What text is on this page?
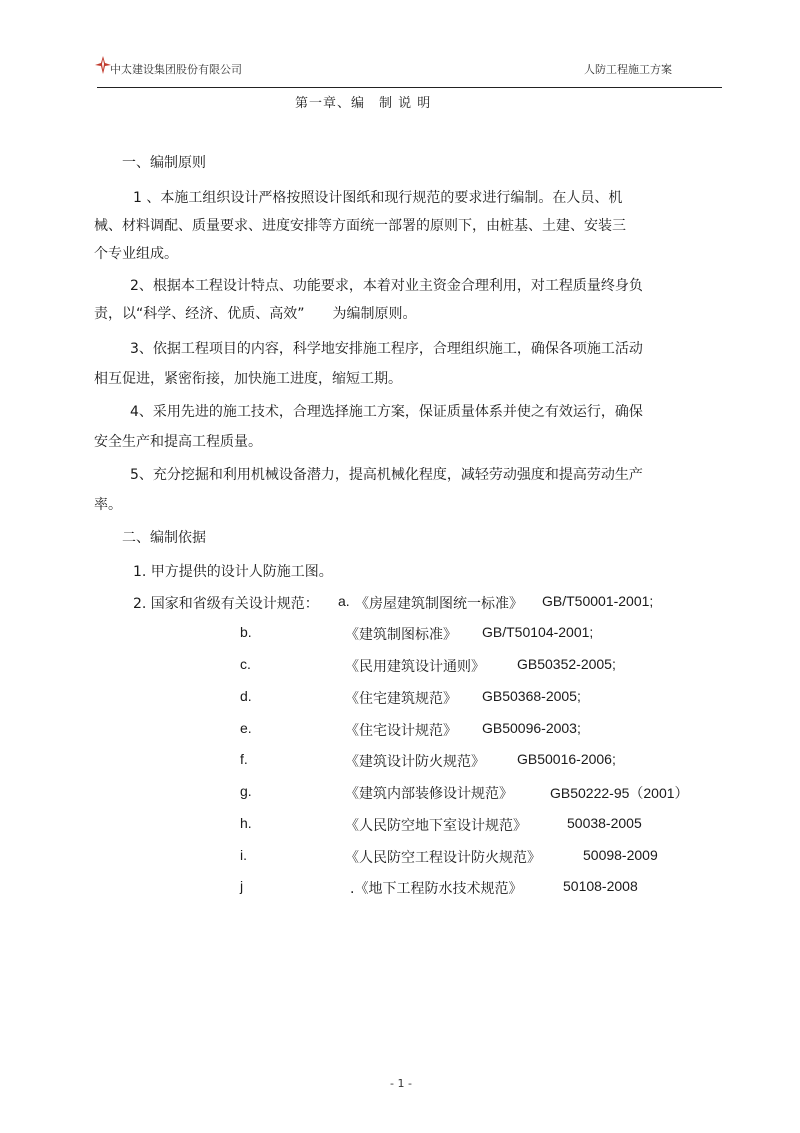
中太建设集团股份有限公司	人防工程施工方案
第一章、编　制 说 明
一、编制原则
1 、本施工组织设计严格按照设计图纸和现行规范的要求进行编制。在人员、机
械、材料调配、质量要求、进度安排等方面统一部署的原则下，由桩基、土建、安装三
个专业组成。
2、根据本工程设计特点、功能要求，本着对业主资金合理利用，对工程质量终身负
责，以“科学、经济、优质、高效”　　为编制原则。
3、依据工程项目的内容，科学地安排施工程序，合理组织施工，确保各项施工活动
相互促进，紧密衔接，加快施工进度，缩短工期。
4、采用先进的施工技术，合理选择施工方案，保证质量体系并使之有效运行，确保
安全生产和提高工程质量。
5、充分挖掘和利用机械设备潜力，提高机械化程度，减轻劳动强度和提高劳动生产
率。
二、编制依据
1. 甲方提供的设计人防施工图。
2. 国家和省级有关设计规范： a. 《房屋建筑制图统一标准》 GB/T50001-2001;
b.	《建筑制图标准》 GB/T50104-2001;
c.	《民用建筑设计通则》 GB50352-2005;
d.	《住宅建筑规范》 GB50368-2005;
e.	《住宅设计规范》 GB50096-2003;
f.	《建筑设计防火规范》 GB50016-2006;
g.	《建筑内部装修设计规范》	GB50222-95（2001）
h.	《人民防空地下室设计规范》	50038-2005
i.	《人民防空工程设计防火规范》	50098-2009
j	.《地下工程防水技术规范》	50108-2008
- 1 -
